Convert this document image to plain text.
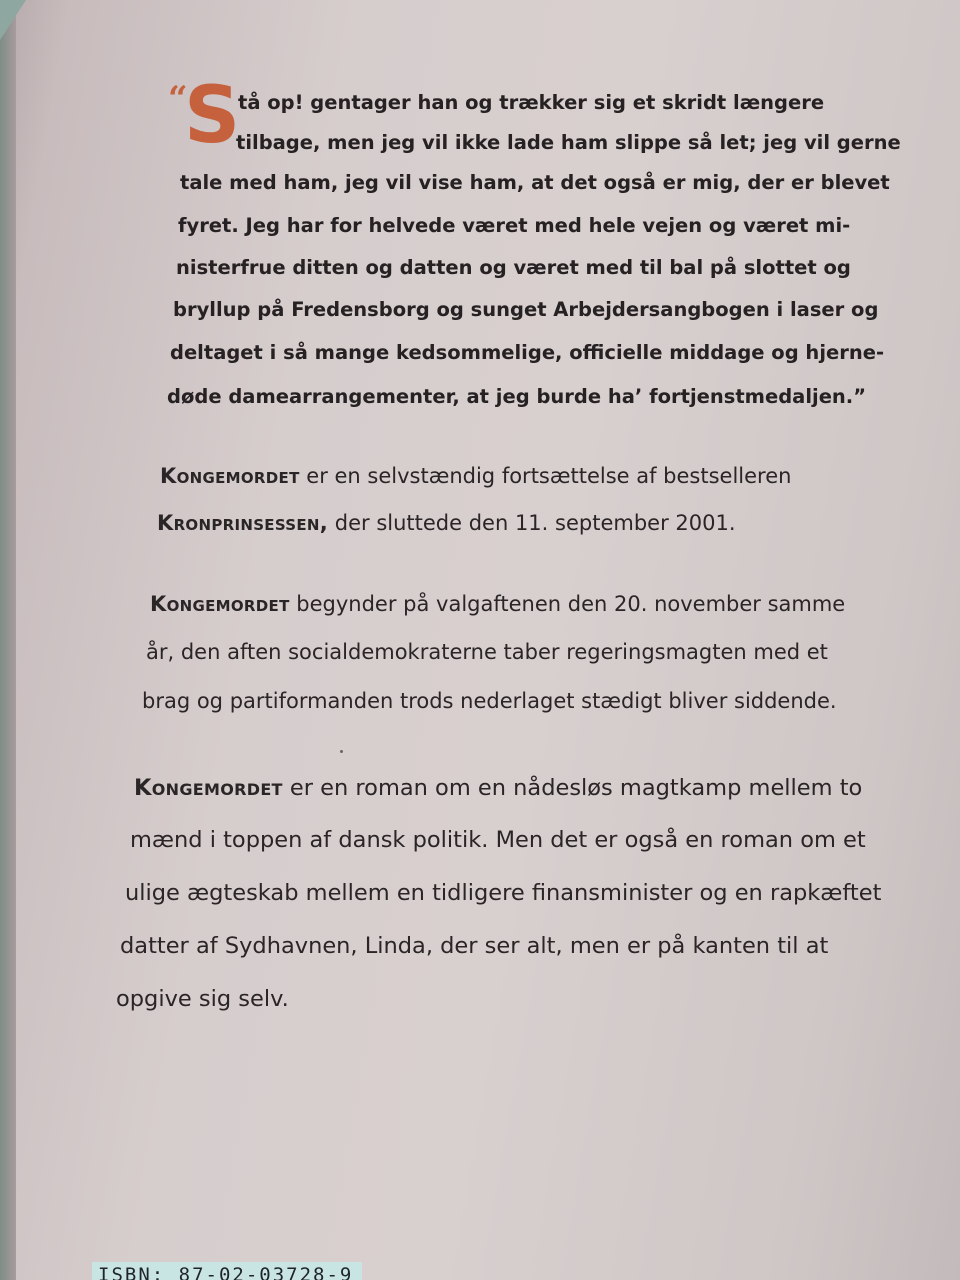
“
S
tå op! gentager han og trækker sig et skridt længere
tilbage, men jeg vil ikke lade ham slippe så let; jeg vil gerne
tale med ham, jeg vil vise ham, at det også er mig, der er blevet
fyret. Jeg har for helvede været med hele vejen og været mi-
nisterfrue ditten og datten og været med til bal på slottet og
bryllup på Fredensborg og sunget Arbejdersangbogen i laser og
deltaget i så mange kedsommelige, officielle middage og hjerne-
døde damearrangementer, at jeg burde ha’ fortjenstmedaljen.”
Kongemordet er en selvstændig fortsættelse af bestselleren
Kronprinsessen, der sluttede den 11. september 2001.
Kongemordet begynder på valgaftenen den 20. november samme
år, den aften socialdemokraterne taber regeringsmagten med et
brag og partiformanden trods nederlaget stædigt bliver siddende.
Kongemordet er en roman om en nådesløs magtkamp mellem to
mænd i toppen af dansk politik. Men det er også en roman om et
ulige ægteskab mellem en tidligere finansminister og en rapkæftet
datter af Sydhavnen, Linda, der ser alt, men er på kanten til at
opgive sig selv.
ISBN: 87-02-03728-9
